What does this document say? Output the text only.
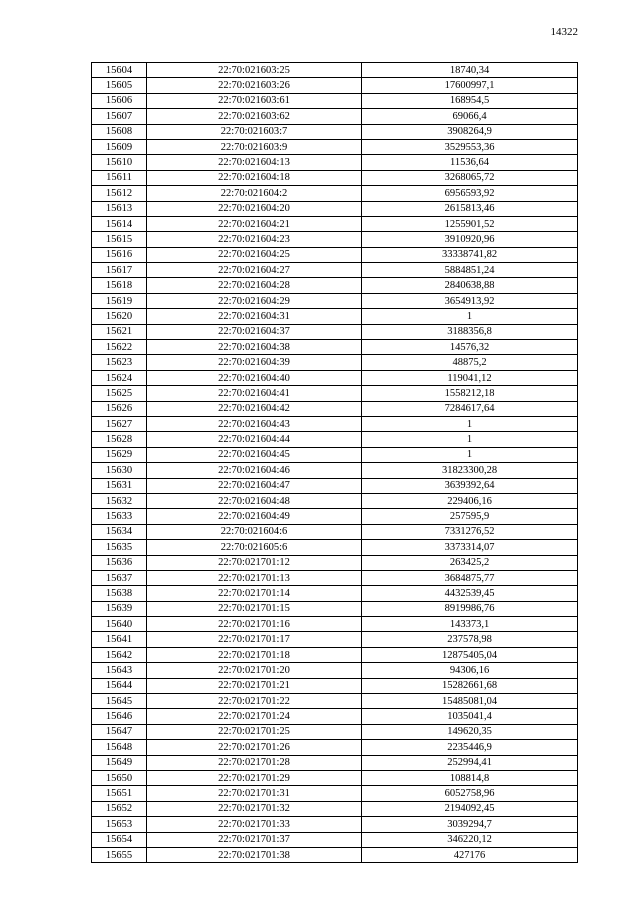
14322
15604	22:70:021603:25	18740,34
15605	22:70:021603:26	17600997,1
15606	22:70:021603:61	168954,5
15607	22:70:021603:62	69066,4
15608	22:70:021603:7	3908264,9
15609	22:70:021603:9	3529553,36
15610	22:70:021604:13	11536,64
15611	22:70:021604:18	3268065,72
15612	22:70:021604:2	6956593,92
15613	22:70:021604:20	2615813,46
15614	22:70:021604:21	1255901,52
15615	22:70:021604:23	3910920,96
15616	22:70:021604:25	33338741,82
15617	22:70:021604:27	5884851,24
15618	22:70:021604:28	2840638,88
15619	22:70:021604:29	3654913,92
15620	22:70:021604:31	1
15621	22:70:021604:37	3188356,8
15622	22:70:021604:38	14576,32
15623	22:70:021604:39	48875,2
15624	22:70:021604:40	119041,12
15625	22:70:021604:41	1558212,18
15626	22:70:021604:42	7284617,64
15627	22:70:021604:43	1
15628	22:70:021604:44	1
15629	22:70:021604:45	1
15630	22:70:021604:46	31823300,28
15631	22:70:021604:47	3639392,64
15632	22:70:021604:48	229406,16
15633	22:70:021604:49	257595,9
15634	22:70:021604:6	7331276,52
15635	22:70:021605:6	3373314,07
15636	22:70:021701:12	263425,2
15637	22:70:021701:13	3684875,77
15638	22:70:021701:14	4432539,45
15639	22:70:021701:15	8919986,76
15640	22:70:021701:16	143373,1
15641	22:70:021701:17	237578,98
15642	22:70:021701:18	12875405,04
15643	22:70:021701:20	94306,16
15644	22:70:021701:21	15282661,68
15645	22:70:021701:22	15485081,04
15646	22:70:021701:24	1035041,4
15647	22:70:021701:25	149620,35
15648	22:70:021701:26	2235446,9
15649	22:70:021701:28	252994,41
15650	22:70:021701:29	108814,8
15651	22:70:021701:31	6052758,96
15652	22:70:021701:32	2194092,45
15653	22:70:021701:33	3039294,7
15654	22:70:021701:37	346220,12
15655	22:70:021701:38	427176
